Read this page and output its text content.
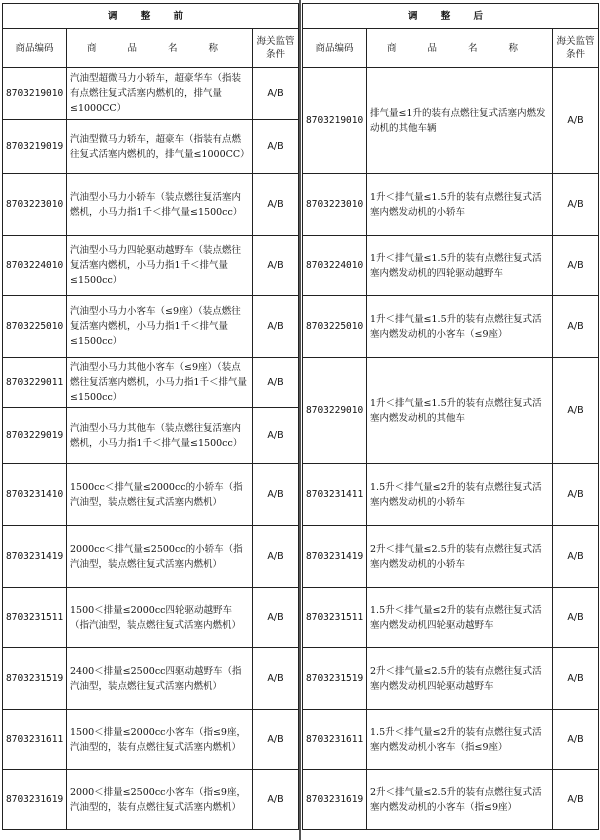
调 整 前		
商品编码	商 品 名 称	海关监管条件
8703219010	汽油型超微马力小轿车，超豪华车（指装有点燃往复式活塞内燃机的，排气量≤1000CC）	A/B
8703219019	汽油型微马力轿车，超豪车（指装有点燃往复式活塞内燃机的，排气量≤1000CC）	A/B
8703223010	汽油型小马力小轿车（装点燃往复活塞内燃机，小马力指1千＜排气量≤1500cc）	A/B
8703224010	汽油型小马力四轮驱动越野车（装点燃往复活塞内燃机，小马力指1千＜排气量≤1500cc）	A/B
8703225010	汽油型小马力小客车（≤9座）（装点燃往复活塞内燃机，小马力指1千＜排气量≤1500cc）	A/B
8703229011	汽油型小马力其他小客车（≤9座）（装点燃往复活塞内燃机，小马力指1千＜排气量≤1500cc）	A/B
8703229019	汽油型小马力其他车（装点燃往复活塞内燃机，小马力指1千＜排气量≤1500cc）	A/B
8703231410	1500cc＜排气量≤2000cc的小轿车（指汽油型，装点燃往复式活塞内燃机）	A/B
8703231419	2000cc＜排气量≤2500cc的小轿车（指汽油型，装点燃往复式活塞内燃机）	A/B
8703231511	1500＜排量≤2000cc四轮驱动越野车（指汽油型，装点燃往复式活塞内燃机）	A/B
8703231519	2400＜排量≤2500cc四驱动越野车（指汽油型，装点燃往复式活塞内燃机）	A/B
8703231611	1500＜排量≤2000cc小客车（指≤9座，汽油型的，装有点燃往复式活塞内燃机）	A/B
8703231619	2000＜排量≤2500cc小客车（指≤9座，汽油型的，装有点燃往复式活塞内燃机）	A/B
调 整 后		
商品编码	商 品 名 称	海关监管条件
8703219010	排气量≤1升的装有点燃往复式活塞内燃发动机的其他车辆	A/B
8703223010	1升＜排气量≤1.5升的装有点燃往复式活塞内燃发动机的小轿车	A/B
8703224010	1升＜排气量≤1.5升的装有点燃往复式活塞内燃发动机的四轮驱动越野车	A/B
8703225010	1升＜排气量≤1.5升的装有点燃往复式活塞内燃发动机的小客车（≤9座）	A/B
8703229010	1升＜排气量≤1.5升的装有点燃往复式活塞内燃发动机的其他车	A/B
8703231411	1.5升＜排气量≤2升的装有点燃往复式活塞内燃发动机的小轿车	A/B
8703231419	2升＜排气量≤2.5升的装有点燃往复式活塞内燃发动机的小轿车	A/B
8703231511	1.5升＜排气量≤2升的装有点燃往复式活塞内燃发动机四轮驱动越野车	A/B
8703231519	2升＜排气量≤2.5升的装有点燃往复式活塞内燃发动机四轮驱动越野车	A/B
8703231611	1.5升＜排气量≤2升的装有点燃往复式活塞内燃发动机小客车（指≤9座）	A/B
8703231619	2升＜排气量≤2.5升的装有点燃往复式活塞内燃发动机的小客车（指≤9座）	A/B
